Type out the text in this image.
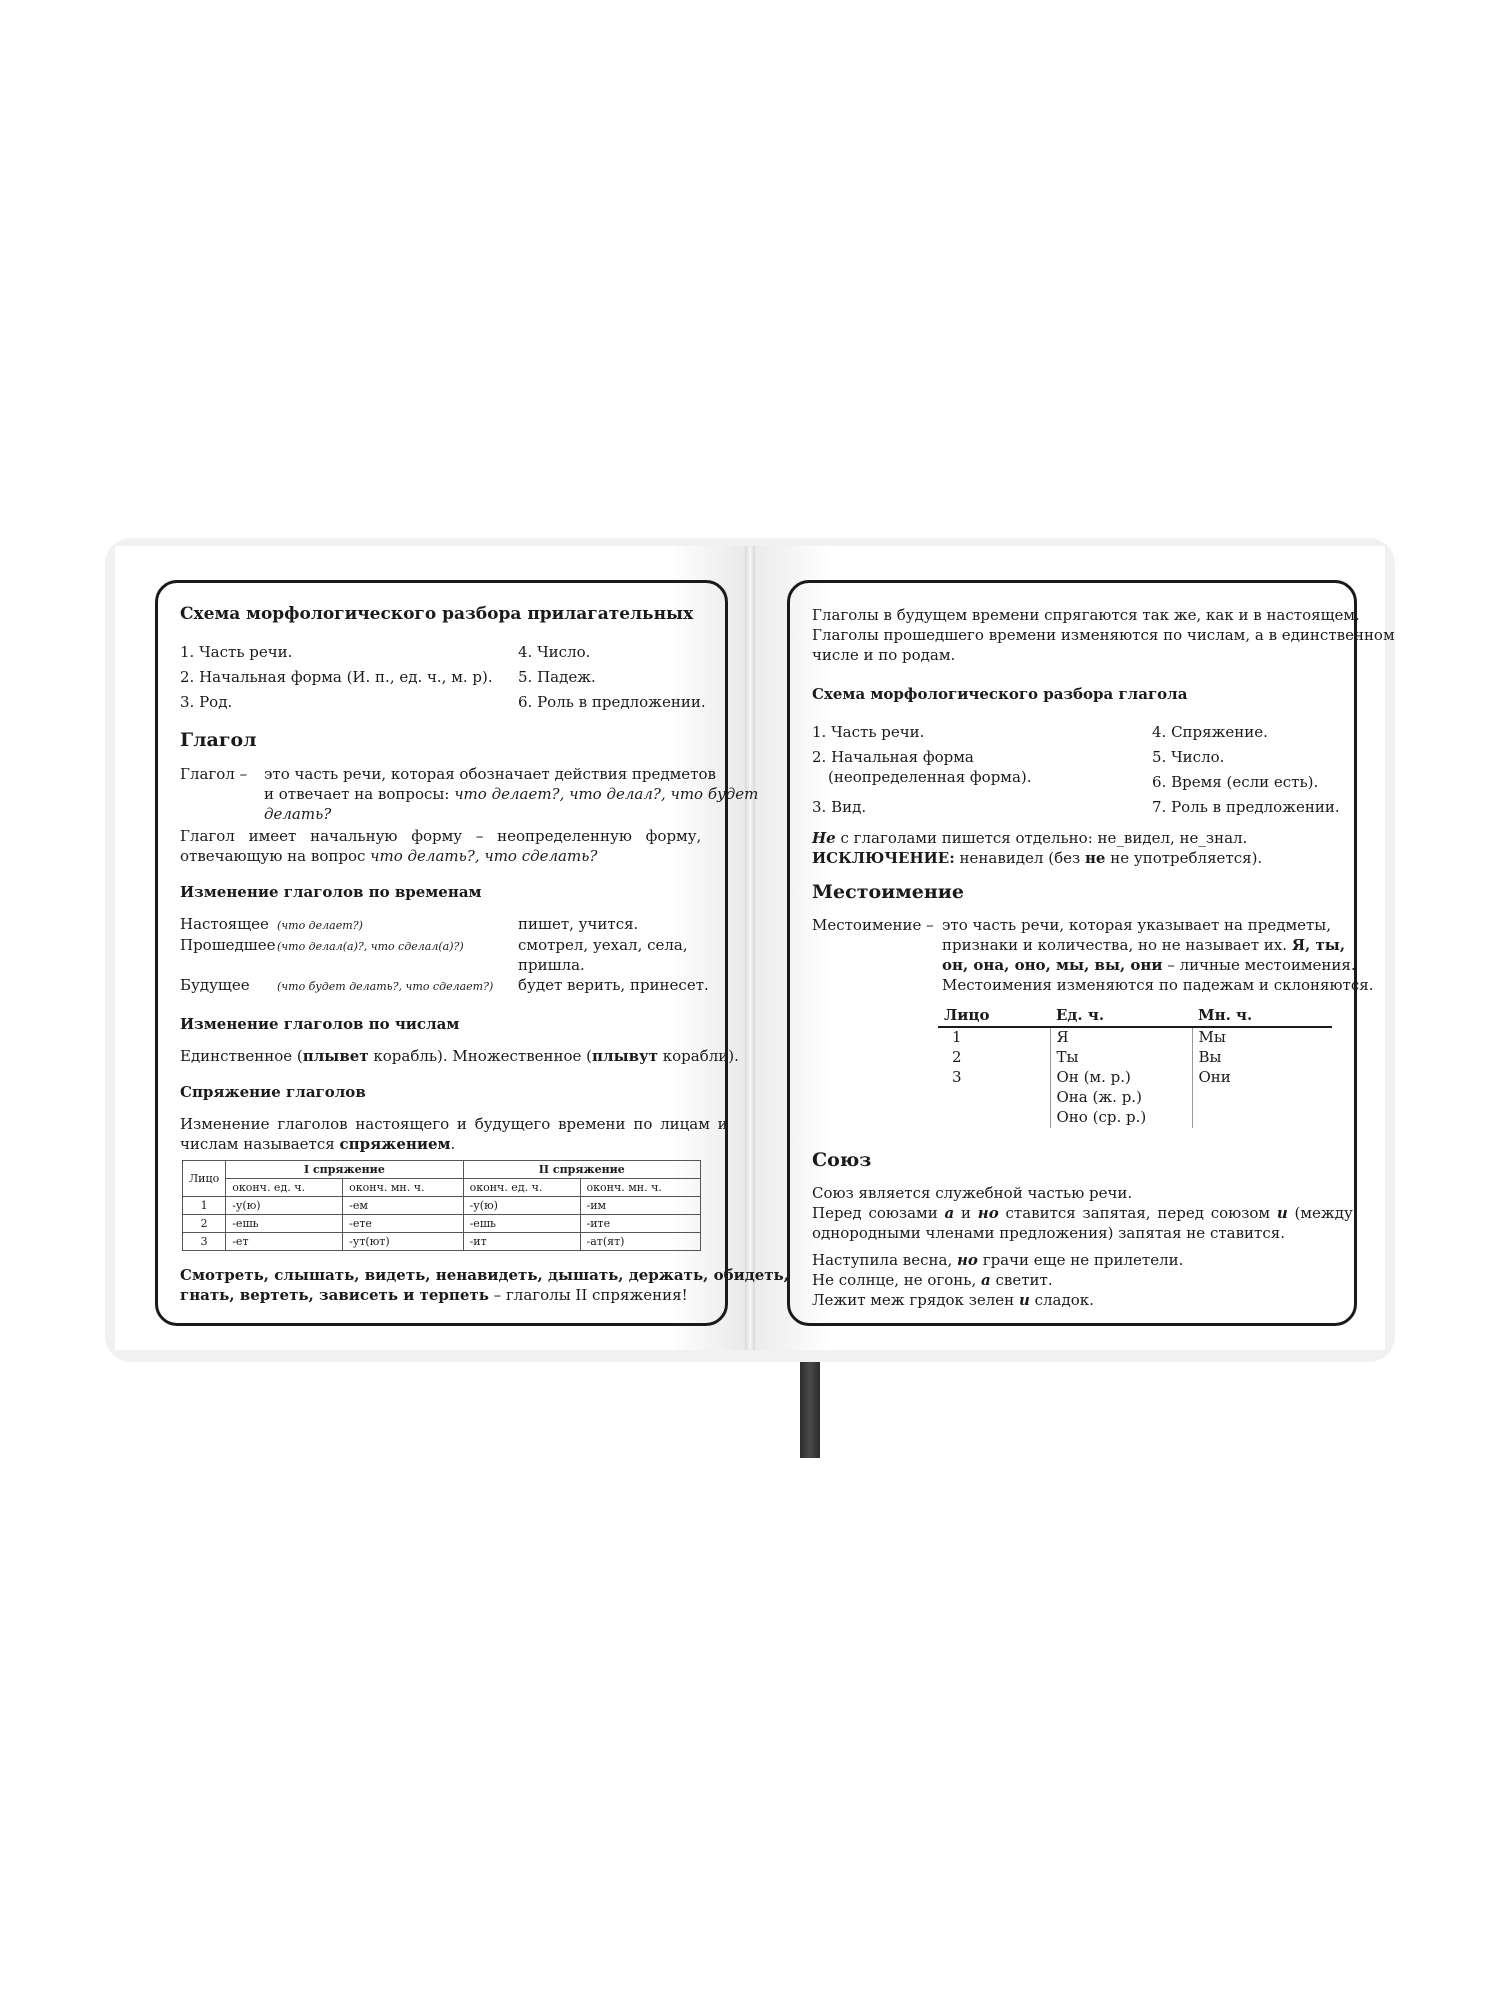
Схема морфологического разбора прилагательных
1. Часть речи.
2. Начальная форма (И. п., ед. ч., м. р).
3. Род.
4. Число.
5. Падеж.
6. Роль в предложении.
Глагол
Глагол – это часть речи, которая обозначает действия предметов
и отвечает на вопросы: что делает?, что делал?, что будет
делать?
Глагол имеет начальную форму – неопределенную форму,
отвечающую на вопрос что делать?, что сделать?
Изменение глаголов по временам
Настоящее (что делает?)	пишет, учится.
Прошедшее (что делал(а)?, что сделал(а)?)	смотрел, уехал, села,
пришла.
Будущее (что будет делать?, что сделает?) будет верить, принесет.
Изменение глаголов по числам
Единственное (плывет корабль). Множественное (плывут корабли).
Спряжение глаголов
Изменение глаголов настоящего и будущего времени по лицам и
числам называется спряжением.
Лицо	I спряжение		II спряжение	
	оконч. ед. ч.	оконч. мн. ч.	оконч. ед. ч.	оконч. мн. ч.
1	-у(ю)	-ем	-у(ю)	-им
2	-ешь	-ете	-ешь	-ите
3	-ет	-ут(ют)	-ит	-ат(ят)
Смотреть, слышать, видеть, ненавидеть, дышать, держать, обидеть,
гнать, вертеть, зависеть и терпеть – глаголы II спряжения!
Глаголы в будущем времени спрягаются так же, как и в настоящем.
Глаголы прошедшего времени изменяются по числам, а в единственном
числе и по родам.
Схема морфологического разбора глагола
1. Часть речи.
2. Начальная форма
(неопределенная форма).
3. Вид.
4. Спряжение.
5. Число.
6. Время (если есть).
7. Роль в предложении.
Не с глаголами пишется отдельно: не_видел, не_знал.
ИСКЛЮЧЕНИЕ: ненавидел (без не не употребляется).
Местоимение
Местоимение – это часть речи, которая указывает на предметы,
признаки и количества, но не называет их. Я, ты,
он, она, оно, мы, вы, они – личные местоимения.
Местоимения изменяются по падежам и склоняются.
Лицо	Ед. ч.	Мн. ч.
1	Я	Мы
2	Ты	Вы
3	Он (м. р.)	Они
	Она (ж. р.)	
	Оно (ср. р.)	
Союз
Союз является служебной частью речи.
Перед союзами а и но ставится запятая, перед союзом и (между
однородными членами предложения) запятая не ставится.
Наступила весна, но грачи еще не прилетели.
Не солнце, не огонь, а светит.
Лежит меж грядок зелен и сладок.
